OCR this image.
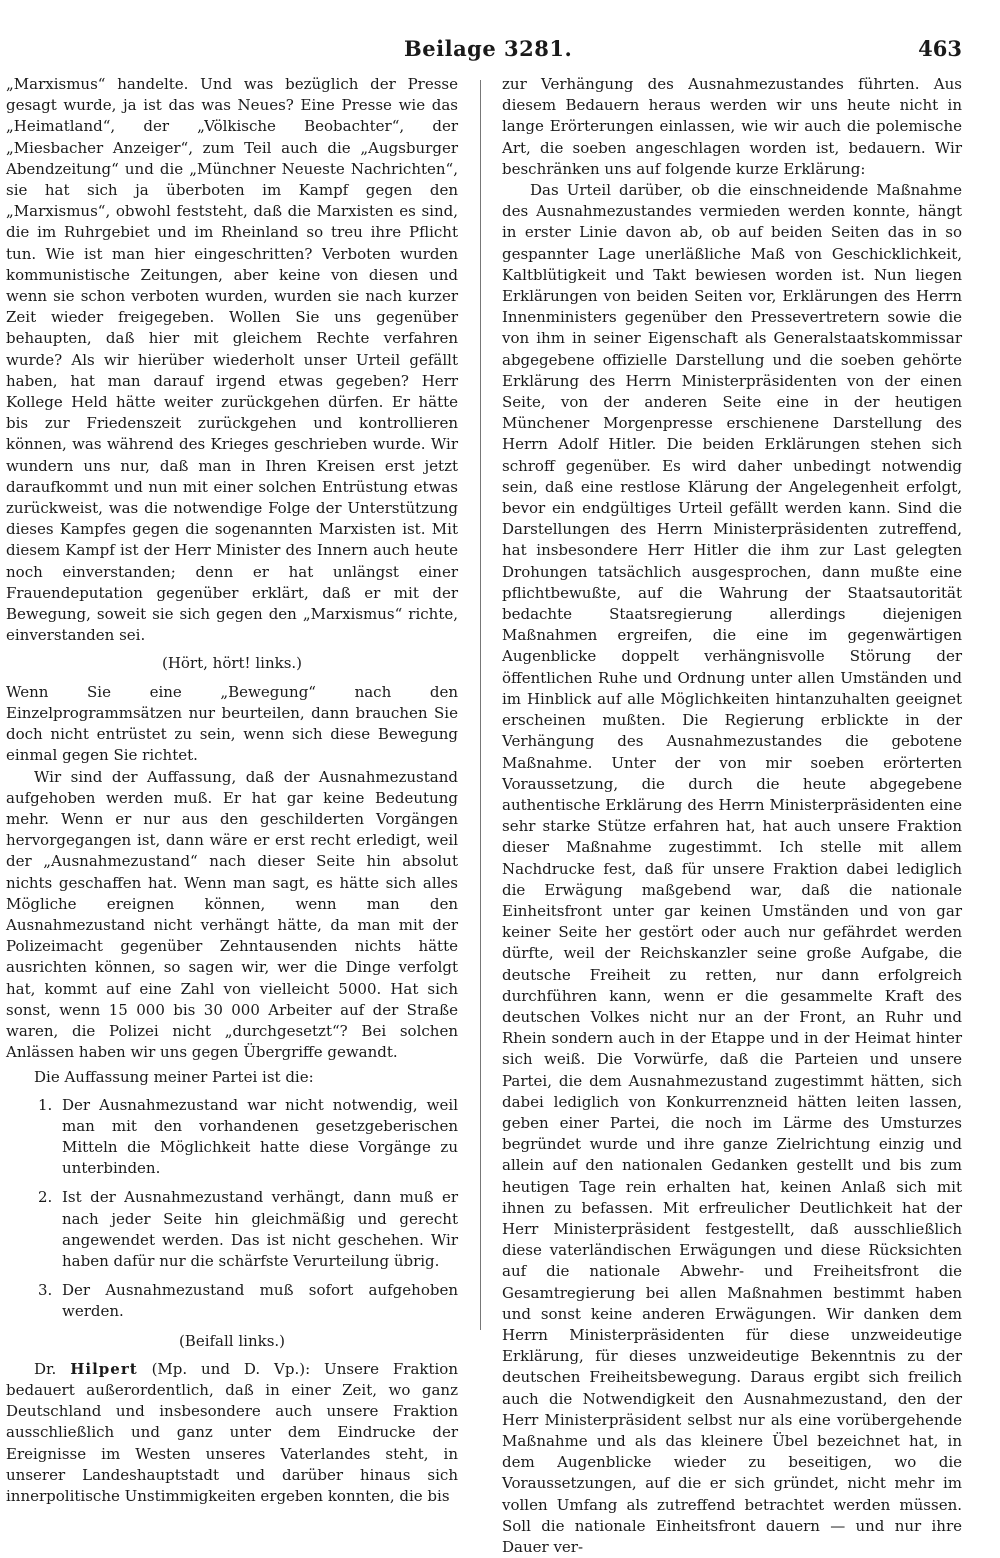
Beilage 3281.	463

„Marxismus“ handelte. Und was bezüglich der Presse gesagt wurde, ja ist das was Neues? Eine Presse wie das „Heimatland“, der „Völkische Beobachter“, der „Miesbacher Anzeiger“, zum Teil auch die „Augsburger Abendzeitung“ und die „Münchner Neueste Nachrichten“, sie hat sich ja überboten im Kampf gegen den „Marxismus“, obwohl feststeht, daß die Marxisten es sind, die im Ruhrgebiet und im Rheinland so treu ihre Pflicht tun. Wie ist man hier eingeschritten? Verboten wurden kommunistische Zeitungen, aber keine von diesen und wenn sie schon verboten wurden, wurden sie nach kurzer Zeit wieder freigegeben. Wollen Sie uns gegenüber behaupten, daß hier mit gleichem Rechte verfahren wurde? Als wir hierüber wiederholt unser Urteil gefällt haben, hat man darauf irgend etwas gegeben? Herr Kollege Held hätte weiter zurückgehen dürfen. Er hätte bis zur Friedenszeit zurückgehen und kontrollieren können, was während des Krieges geschrieben wurde. Wir wundern uns nur, daß man in Ihren Kreisen erst jetzt daraufkommt und nun mit einer solchen Entrüstung etwas zurückweist, was die notwendige Folge der Unterstützung dieses Kampfes gegen die sogenannten Marxisten ist. Mit diesem Kampf ist der Herr Minister des Innern auch heute noch einverstanden; denn er hat unlängst einer Frauendeputation gegenüber erklärt, daß er mit der Bewegung, soweit sie sich gegen den „Marxismus“ richte, einverstanden sei.

(Hört, hört! links.)

Wenn Sie eine „Bewegung“ nach den Einzelprogrammsätzen nur beurteilen, dann brauchen Sie doch nicht entrüstet zu sein, wenn sich diese Bewegung einmal gegen Sie richtet.

Wir sind der Auffassung, daß der Ausnahmezustand aufgehoben werden muß. Er hat gar keine Bedeutung mehr. Wenn er nur aus den geschilderten Vorgängen hervorgegangen ist, dann wäre er erst recht erledigt, weil der „Ausnahmezustand“ nach dieser Seite hin absolut nichts geschaffen hat. Wenn man sagt, es hätte sich alles Mögliche ereignen können, wenn man den Ausnahmezustand nicht verhängt hätte, da man mit der Polizeimacht gegenüber Zehntausenden nichts hätte ausrichten können, so sagen wir, wer die Dinge verfolgt hat, kommt auf eine Zahl von vielleicht 5000. Hat sich sonst, wenn 15 000 bis 30 000 Arbeiter auf der Straße waren, die Polizei nicht „durchgesetzt“? Bei solchen Anlässen haben wir uns gegen Übergriffe gewandt.

Die Auffassung meiner Partei ist die:

1. Der Ausnahmezustand war nicht notwendig, weil man mit den vorhandenen gesetzgeberischen Mitteln die Möglichkeit hatte diese Vorgänge zu unterbinden.
2. Ist der Ausnahmezustand verhängt, dann muß er nach jeder Seite hin gleichmäßig und gerecht angewendet werden. Das ist nicht geschehen. Wir haben dafür nur die schärfste Verurteilung übrig.
3. Der Ausnahmezustand muß sofort aufgehoben werden.

(Beifall links.)

Dr. Hilpert (Mp. und D. Vp.): Unsere Fraktion bedauert außerordentlich, daß in einer Zeit, wo ganz Deutschland und insbesondere auch unsere Fraktion ausschließlich und ganz unter dem Eindrucke der Ereignisse im Westen unseres Vaterlandes steht, in unserer Landeshauptstadt und darüber hinaus sich innerpolitische Unstimmigkeiten ergeben konnten, die bis

zur Verhängung des Ausnahmezustandes führten. Aus diesem Bedauern heraus werden wir uns heute nicht in lange Erörterungen einlassen, wie wir auch die polemische Art, die soeben angeschlagen worden ist, bedauern. Wir beschränken uns auf folgende kurze Erklärung:

Das Urteil darüber, ob die einschneidende Maßnahme des Ausnahmezustandes vermieden werden konnte, hängt in erster Linie davon ab, ob auf beiden Seiten das in so gespannter Lage unerläßliche Maß von Geschicklichkeit, Kaltblütigkeit und Takt bewiesen worden ist. Nun liegen Erklärungen von beiden Seiten vor, Erklärungen des Herrn Innenministers gegenüber den Pressevertretern sowie die von ihm in seiner Eigenschaft als Generalstaatskommissar abgegebene offizielle Darstellung und die soeben gehörte Erklärung des Herrn Ministerpräsidenten von der einen Seite, von der anderen Seite eine in der heutigen Münchener Morgenpresse erschienene Darstellung des Herrn Adolf Hitler. Die beiden Erklärungen stehen sich schroff gegenüber. Es wird daher unbedingt notwendig sein, daß eine restlose Klärung der Angelegenheit erfolgt, bevor ein endgültiges Urteil gefällt werden kann. Sind die Darstellungen des Herrn Ministerpräsidenten zutreffend, hat insbesondere Herr Hitler die ihm zur Last gelegten Drohungen tatsächlich ausgesprochen, dann mußte eine pflichtbewußte, auf die Wahrung der Staatsautorität bedachte Staatsregierung allerdings diejenigen Maßnahmen ergreifen, die eine im gegenwärtigen Augenblicke doppelt verhängnisvolle Störung der öffentlichen Ruhe und Ordnung unter allen Umständen und im Hinblick auf alle Möglichkeiten hintanzuhalten geeignet erscheinen mußten. Die Regierung erblickte in der Verhängung des Ausnahmezustandes die gebotene Maßnahme. Unter der von mir soeben erörterten Voraussetzung, die durch die heute abgegebene authentische Erklärung des Herrn Ministerpräsidenten eine sehr starke Stütze erfahren hat, hat auch unsere Fraktion dieser Maßnahme zugestimmt. Ich stelle mit allem Nachdrucke fest, daß für unsere Fraktion dabei lediglich die Erwägung maßgebend war, daß die nationale Einheitsfront unter gar keinen Umständen und von gar keiner Seite her gestört oder auch nur gefährdet werden dürfte, weil der Reichskanzler seine große Aufgabe, die deutsche Freiheit zu retten, nur dann erfolgreich durchführen kann, wenn er die gesammelte Kraft des deutschen Volkes nicht nur an der Front, an Ruhr und Rhein sondern auch in der Etappe und in der Heimat hinter sich weiß. Die Vorwürfe, daß die Parteien und unsere Partei, die dem Ausnahmezustand zugestimmt hätten, sich dabei lediglich von Konkurrenzneid hätten leiten lassen, geben einer Partei, die noch im Lärme des Umsturzes begründet wurde und ihre ganze Zielrichtung einzig und allein auf den nationalen Gedanken gestellt und bis zum heutigen Tage rein erhalten hat, keinen Anlaß sich mit ihnen zu befassen. Mit erfreulicher Deutlichkeit hat der Herr Ministerpräsident festgestellt, daß ausschließlich diese vaterländischen Erwägungen und diese Rücksichten auf die nationale Abwehr- und Freiheitsfront die Gesamtregierung bei allen Maßnahmen bestimmt haben und sonst keine anderen Erwägungen. Wir danken dem Herrn Ministerpräsidenten für diese unzweideutige Erklärung, für dieses unzweideutige Bekenntnis zu der deutschen Freiheitsbewegung. Daraus ergibt sich freilich auch die Notwendigkeit den Ausnahmezustand, den der Herr Ministerpräsident selbst nur als eine vorübergehende Maßnahme und als das kleinere Übel bezeichnet hat, in dem Augenblicke wieder zu beseitigen, wo die Voraussetzungen, auf die er sich gründet, nicht mehr im vollen Umfang als zutreffend betrachtet werden müssen. Soll die nationale Einheitsfront dauern — und nur ihre Dauer ver-
